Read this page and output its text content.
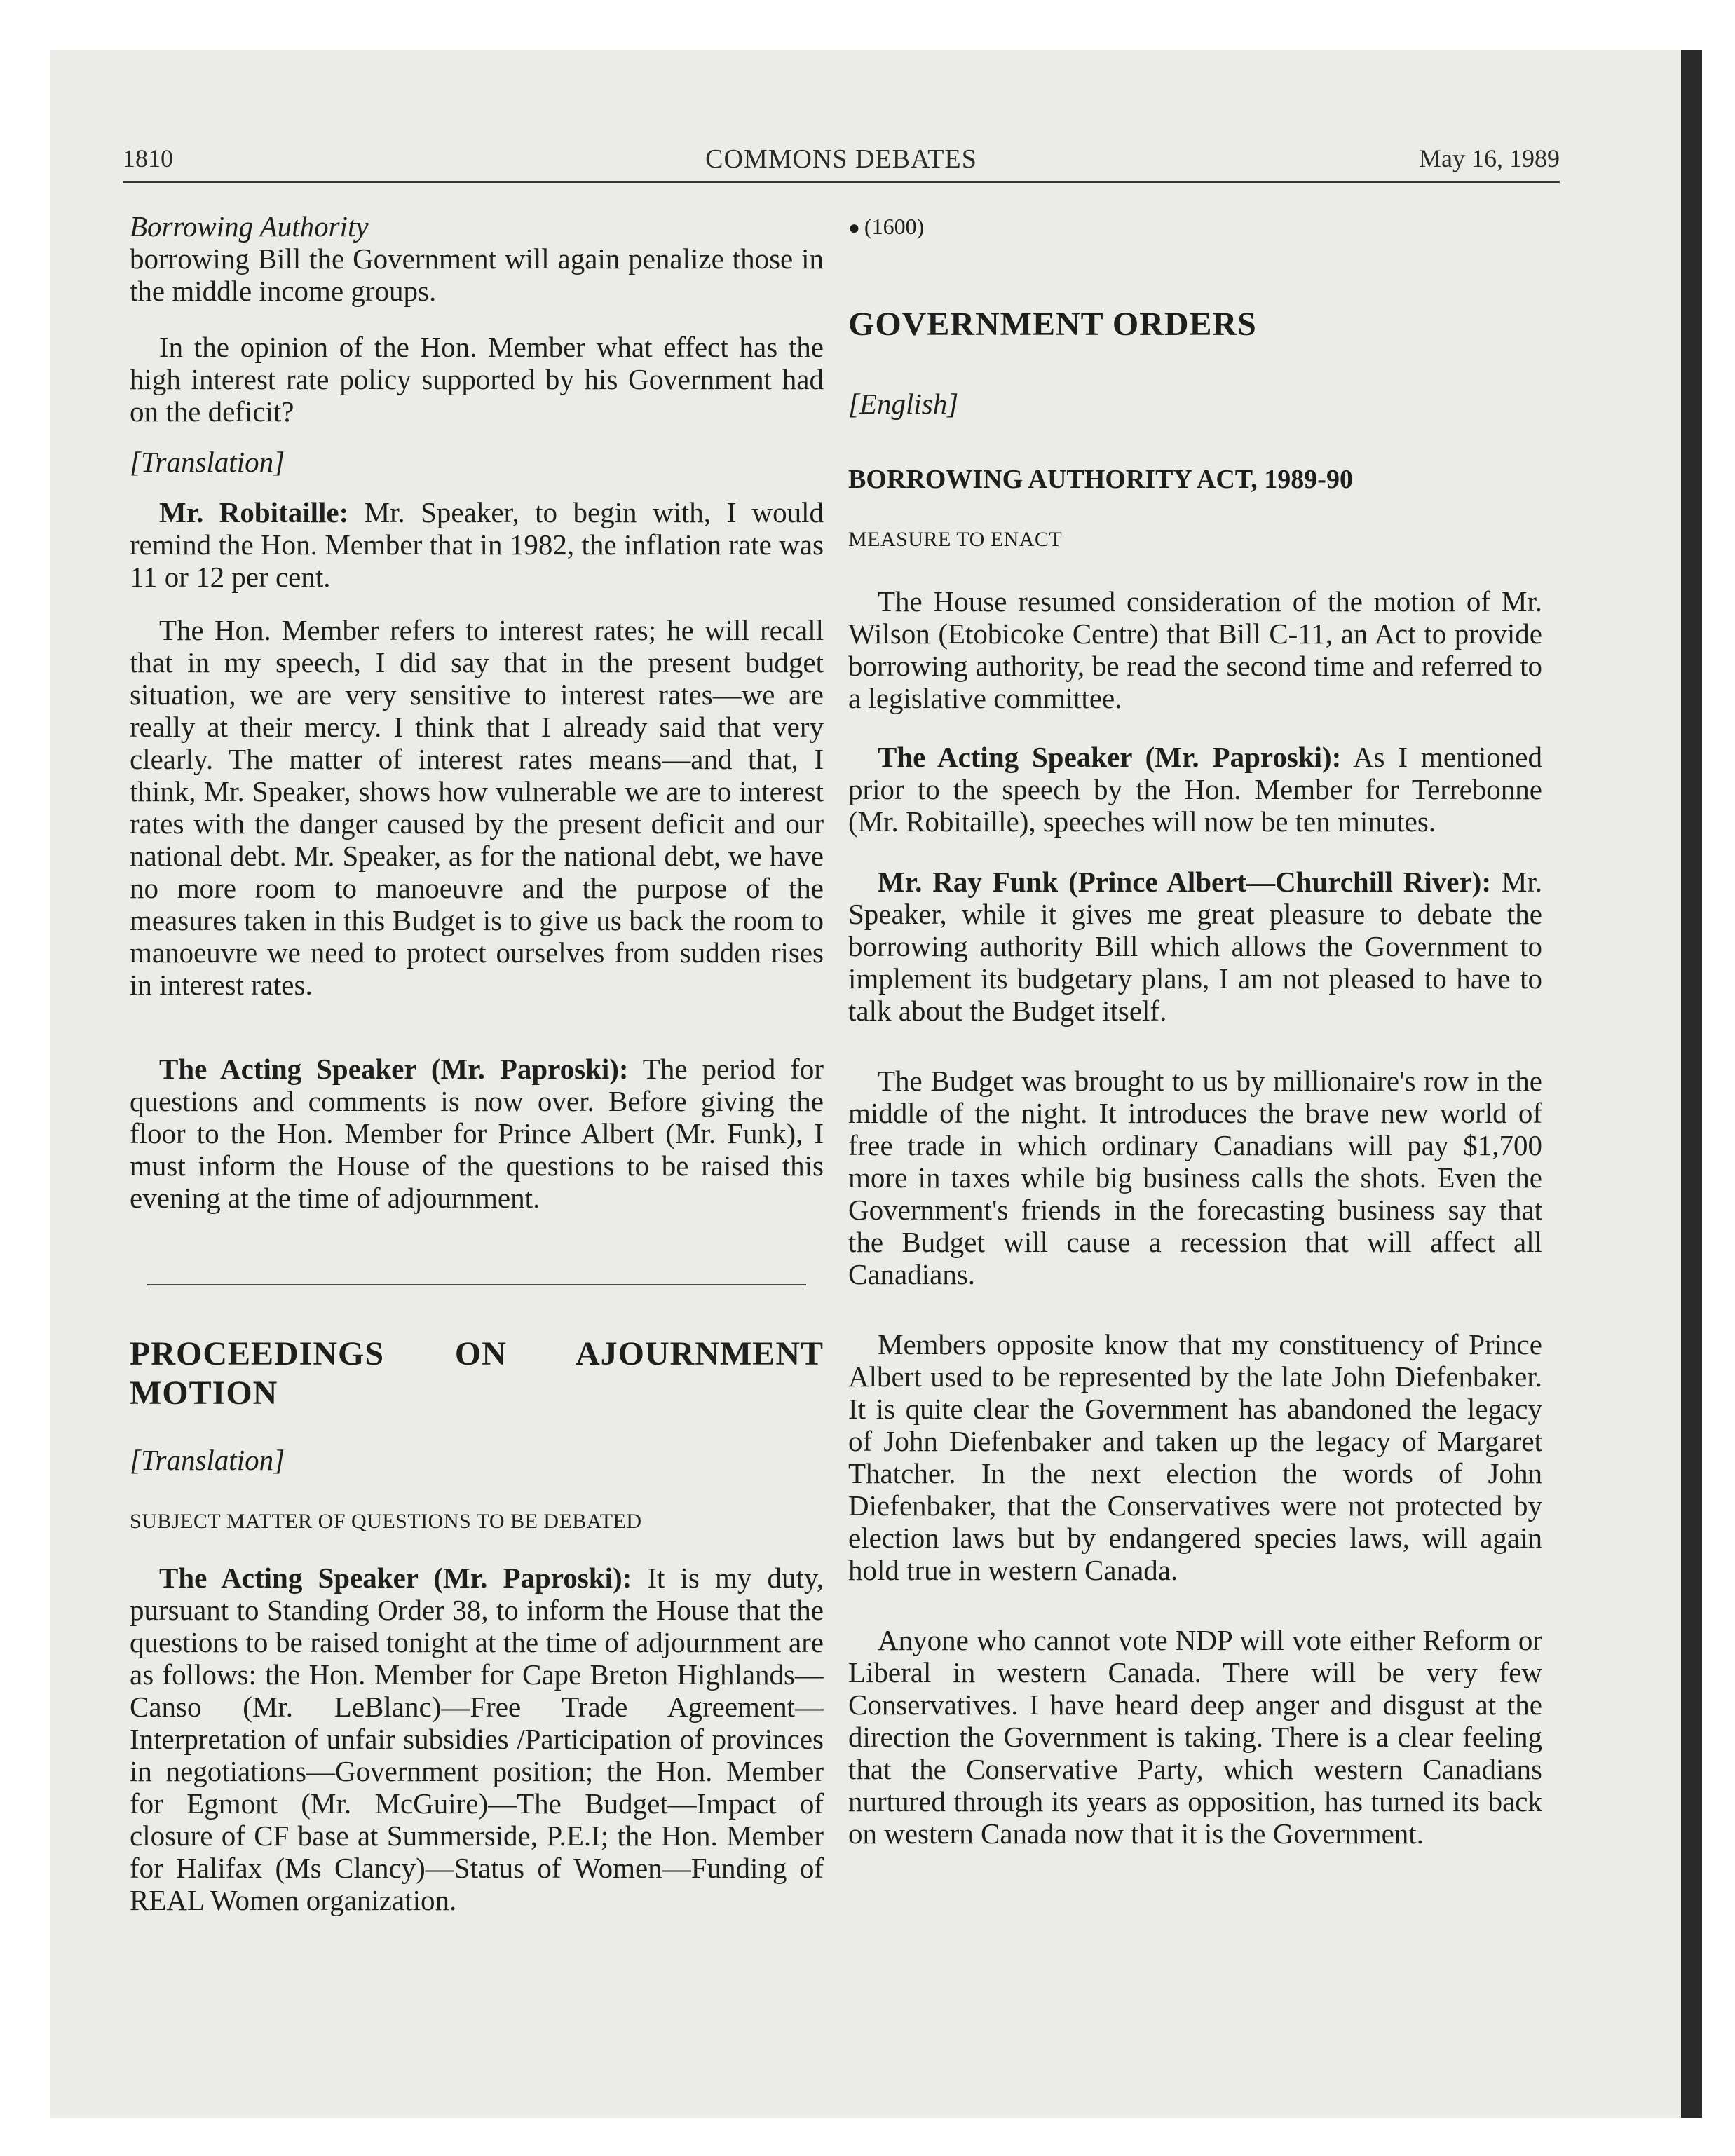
1810	COMMONS DEBATES	May 16, 1989

Borrowing Authority

borrowing Bill the Government will again penalize those in the middle income groups.

In the opinion of the Hon. Member what effect has the high interest rate policy supported by his Government had on the deficit?

[Translation]

Mr. Robitaille: Mr. Speaker, to begin with, I would remind the Hon. Member that in 1982, the inflation rate was 11 or 12 per cent.

The Hon. Member refers to interest rates; he will recall that in my speech, I did say that in the present budget situation, we are very sensitive to interest rates—we are really at their mercy. I think that I already said that very clearly. The matter of interest rates means—and that, I think, Mr. Speaker, shows how vulnerable we are to interest rates with the danger caused by the present deficit and our national debt. Mr. Speaker, as for the national debt, we have no more room to manoeuvre and the purpose of the measures taken in this Budget is to give us back the room to manoeuvre we need to protect ourselves from sudden rises in interest rates.

The Acting Speaker (Mr. Paproski): The period for questions and comments is now over. Before giving the floor to the Hon. Member for Prince Albert (Mr. Funk), I must inform the House of the questions to be raised this evening at the time of adjournment.

PROCEEDINGS ON AJOURNMENT MOTION

[Translation]

SUBJECT MATTER OF QUESTIONS TO BE DEBATED

The Acting Speaker (Mr. Paproski): It is my duty, pursuant to Standing Order 38, to inform the House that the questions to be raised tonight at the time of adjournment are as follows: the Hon. Member for Cape Breton Highlands—Canso (Mr. LeBlanc)—Free Trade Agreement—Interpretation of unfair subsidies /Participation of provinces in negotiations—Government position; the Hon. Member for Egmont (Mr. McGuire)—The Budget—Impact of closure of CF base at Summerside, P.E.I; the Hon. Member for Halifax (Ms Clancy)—Status of Women—Funding of REAL Women organization.

● (1600)

GOVERNMENT ORDERS

[English]

BORROWING AUTHORITY ACT, 1989-90

MEASURE TO ENACT

The House resumed consideration of the motion of Mr. Wilson (Etobicoke Centre) that Bill C-11, an Act to provide borrowing authority, be read the second time and referred to a legislative committee.

The Acting Speaker (Mr. Paproski): As I mentioned prior to the speech by the Hon. Member for Terrebonne (Mr. Robitaille), speeches will now be ten minutes.

Mr. Ray Funk (Prince Albert—Churchill River): Mr. Speaker, while it gives me great pleasure to debate the borrowing authority Bill which allows the Government to implement its budgetary plans, I am not pleased to have to talk about the Budget itself.

The Budget was brought to us by millionaire's row in the middle of the night. It introduces the brave new world of free trade in which ordinary Canadians will pay $1,700 more in taxes while big business calls the shots. Even the Government's friends in the forecasting business say that the Budget will cause a recession that will affect all Canadians.

Members opposite know that my constituency of Prince Albert used to be represented by the late John Diefenbaker. It is quite clear the Government has abandoned the legacy of John Diefenbaker and taken up the legacy of Margaret Thatcher. In the next election the words of John Diefenbaker, that the Conservatives were not protected by election laws but by endangered species laws, will again hold true in western Canada.

Anyone who cannot vote NDP will vote either Reform or Liberal in western Canada. There will be very few Conservatives. I have heard deep anger and disgust at the direction the Government is taking. There is a clear feeling that the Conservative Party, which western Canadians nurtured through its years as opposition, has turned its back on western Canada now that it is the Government.
